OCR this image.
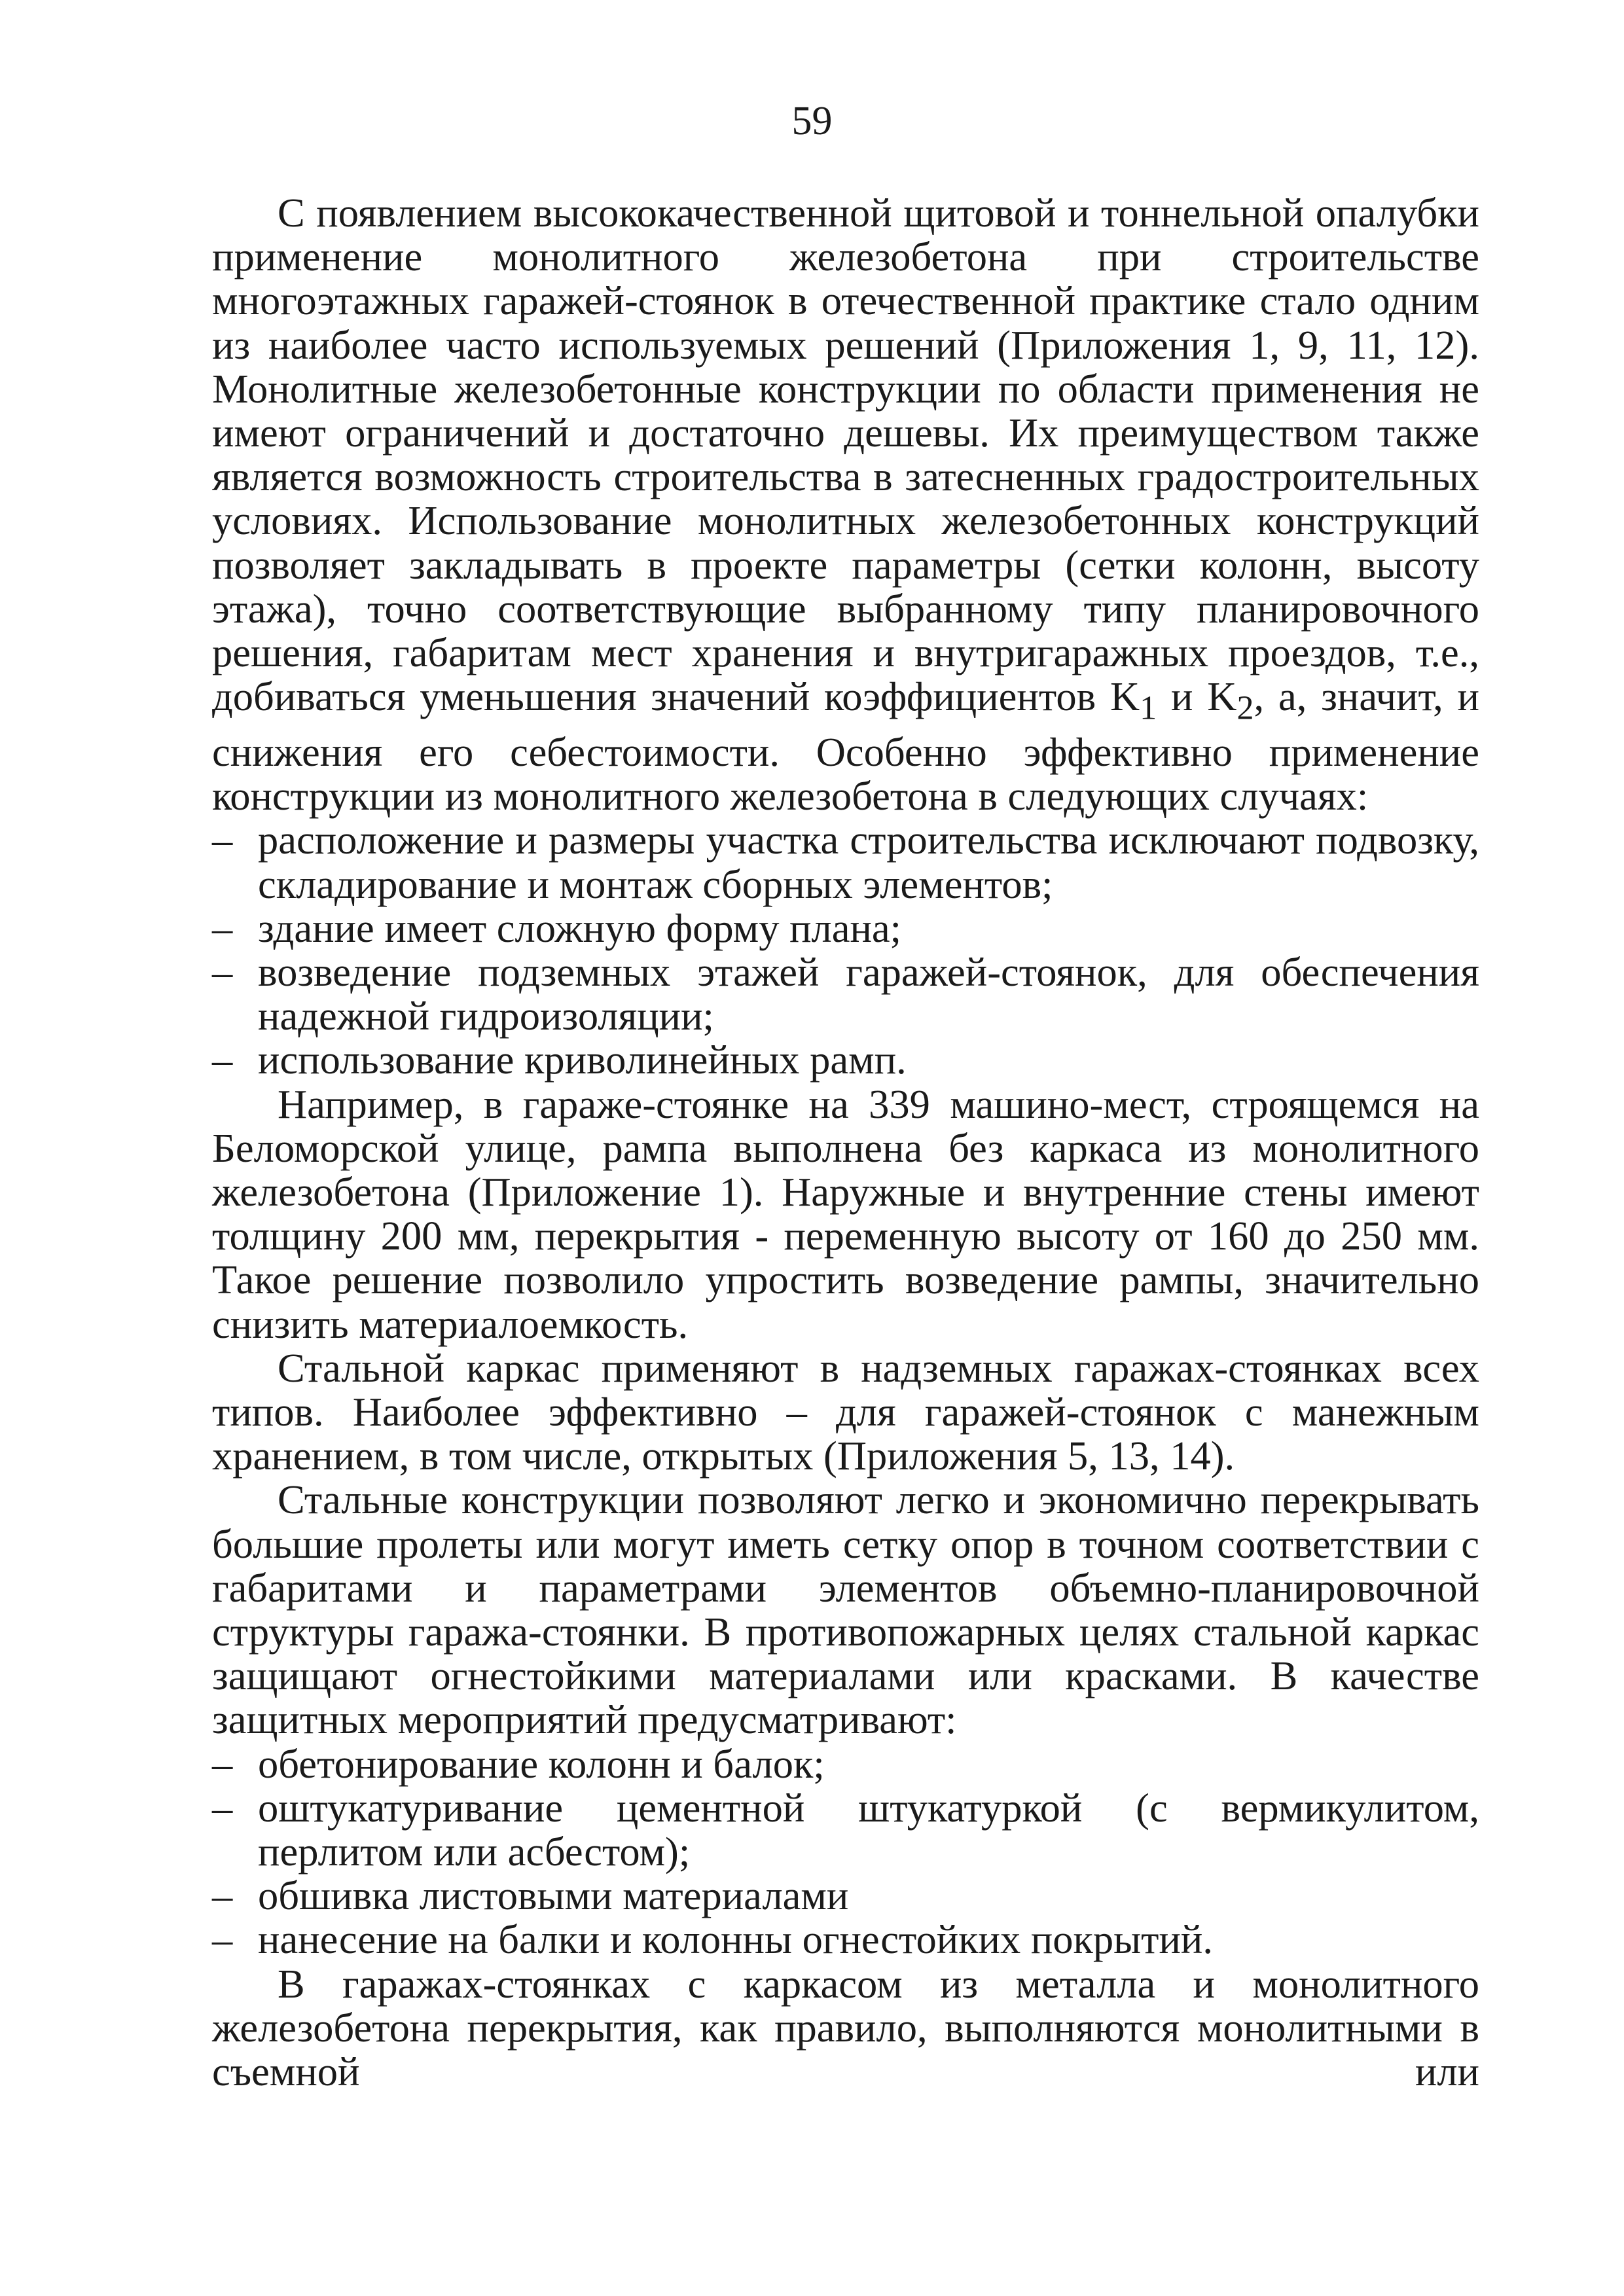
59

С появлением высококачественной щитовой и тоннельной опалубки применение монолитного железобетона при строительстве многоэтажных гаражей-стоянок в отечественной практике стало одним из наиболее часто используемых решений (Приложения 1, 9, 11, 12). Монолитные железобетонные конструкции по области применения не имеют ограничений и достаточно дешевы. Их преимуществом также является возможность строительства в затесненных градостроительных условиях. Использование монолитных железобетонных конструкций позволяет закладывать в проекте параметры (сетки колонн, высоту этажа), точно соответствующие выбранному типу планировочного решения, габаритам мест хранения и внутригаражных проездов, т.е., добиваться уменьшения значений коэффициентов $K_1$ и $K_2$, а, значит, и снижения его себестоимости. Особенно эффективно применение конструкции из монолитного железобетона в следующих случаях:

– расположение и размеры участка строительства исключают подвозку, складирование и монтаж сборных элементов;
– здание имеет сложную форму плана;
– возведение подземных этажей гаражей-стоянок, для обеспечения надежной гидроизоляции;
– использование криволинейных рамп.

Например, в гараже-стоянке на 339 машино-мест, строящемся на Беломорской улице, рампа выполнена без каркаса из монолитного железобетона (Приложение 1). Наружные и внутренние стены имеют толщину 200 мм, перекрытия - переменную высоту от 160 до 250 мм. Такое решение позволило упростить возведение рампы, значительно снизить материалоемкость.

Стальной каркас применяют в надземных гаражах-стоянках всех типов. Наиболее эффективно – для гаражей-стоянок с манежным хранением, в том числе, открытых (Приложения 5, 13, 14).

Стальные конструкции позволяют легко и экономично перекрывать большие пролеты или могут иметь сетку опор в точном соответствии с габаритами и параметрами элементов объемно-планировочной структуры гаража-стоянки. В противопожарных целях стальной каркас защищают огнестойкими материалами или красками. В качестве защитных мероприятий предусматривают:

– обетонирование колонн и балок;
– оштукатуривание цементной штукатуркой (с вермикулитом, перлитом или асбестом);
– обшивка листовыми материалами
– нанесение на балки и колонны огнестойких покрытий.

В гаражах-стоянках с каркасом из металла и монолитного железобетона перекрытия, как правило, выполняются монолитными в съемной или
